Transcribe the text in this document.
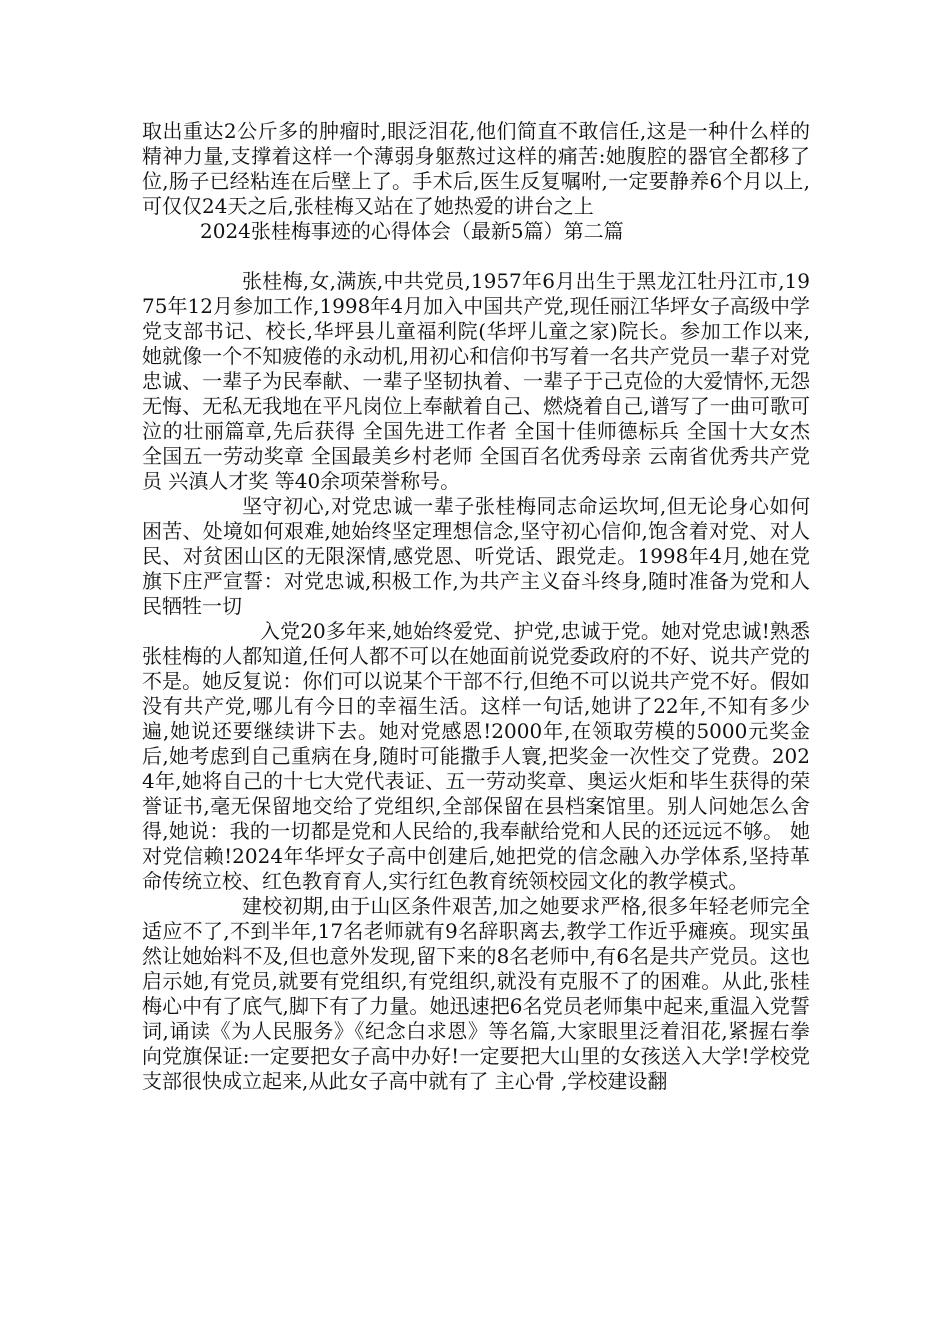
取出重达2公斤多的肿瘤时,眼泛泪花,他们简直不敢信任,这是一种什么样的精神力量,支撑着这样一个薄弱身躯熬过这样的痛苦:她腹腔的器官全都移了位,肠子已经粘连在后壁上了。手术后,医生反复嘱咐,一定要静养6个月以上,可仅仅24天之后,张桂梅又站在了她热爱的讲台之上

2024张桂梅事迹的心得体会（最新5篇）第二篇

张桂梅,女,满族,中共党员,1957年6月出生于黑龙江牡丹江市,1975年12月参加工作,1998年4月加入中国共产党,现任丽江华坪女子高级中学党支部书记、校长,华坪县儿童福利院(华坪儿童之家)院长。参加工作以来,她就像一个不知疲倦的永动机,用初心和信仰书写着一名共产党员一辈子对党忠诚、一辈子为民奉献、一辈子坚韧执着、一辈子于己克俭的大爱情怀,无怨无悔、无私无我地在平凡岗位上奉献着自己、燃烧着自己,谱写了一曲可歌可泣的壮丽篇章,先后获得 全国先进工作者 全国十佳师德标兵 全国十大女杰 全国五一劳动奖章 全国最美乡村老师 全国百名优秀母亲 云南省优秀共产党员 兴滇人才奖 等40余项荣誉称号。

坚守初心,对党忠诚一辈子张桂梅同志命运坎坷,但无论身心如何困苦、处境如何艰难,她始终坚定理想信念,坚守初心信仰,饱含着对党、对人民、对贫困山区的无限深情,感党恩、听党话、跟党走。1998年4月,她在党旗下庄严宣誓：对党忠诚,积极工作,为共产主义奋斗终身,随时准备为党和人民牺牲一切

入党20多年来,她始终爱党、护党,忠诚于党。她对党忠诚!熟悉张桂梅的人都知道,任何人都不可以在她面前说党委政府的不好、说共产党的不是。她反复说：你们可以说某个干部不行,但绝不可以说共产党不好。假如没有共产党,哪儿有今日的幸福生活。这样一句话,她讲了22年,不知有多少遍,她说还要继续讲下去。她对党感恩!2000年,在领取劳模的5000元奖金后,她考虑到自己重病在身,随时可能撒手人寰,把奖金一次性交了党费。2024年,她将自己的十七大党代表证、五一劳动奖章、奥运火炬和毕生获得的荣誉证书,毫无保留地交给了党组织,全部保留在县档案馆里。别人问她怎么舍得,她说：我的一切都是党和人民给的,我奉献给党和人民的还远远不够。 她对党信赖!2024年华坪女子高中创建后,她把党的信念融入办学体系,坚持革命传统立校、红色教育育人,实行红色教育统领校园文化的教学模式。

建校初期,由于山区条件艰苦,加之她要求严格,很多年轻老师完全适应不了,不到半年,17名老师就有9名辞职离去,教学工作近乎瘫痪。现实虽然让她始料不及,但也意外发现,留下来的8名老师中,有6名是共产党员。这也启示她,有党员,就要有党组织,有党组织,就没有克服不了的困难。从此,张桂梅心中有了底气,脚下有了力量。她迅速把6名党员老师集中起来,重温入党誓词,诵读《为人民服务》《纪念白求恩》等名篇,大家眼里泛着泪花,紧握右拳向党旗保证:一定要把女子高中办好!一定要把大山里的女孩送入大学!学校党支部很快成立起来,从此女子高中就有了 主心骨 ,学校建设翻
